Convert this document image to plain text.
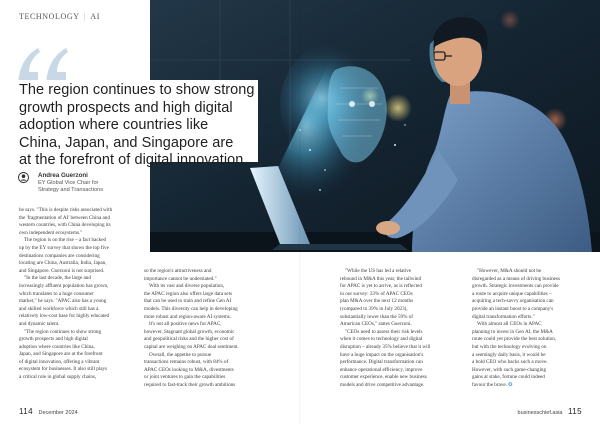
TECHNOLOGY | AI
The region continues to show strong
growth prospects and high digital
adoption where countries like
China, Japan, and Singapore are
at the forefront of digital innovation
Andrea Guerzoni
EY Global Vice Chair for
Strategy and Transactions

he says. "This is despite risks associated with

the 'fragmentation of AI' between China and

western countries, with China developing its

own independent ecosystems."

The region is on the rise – a fact backed

up by the EY survey that shows the top five

destinations companies are considering

locating are China, Australia, India, Japan,

and Singapore. Guerzoni is not surprised.

"In the last decade, the large and

increasingly affluent population has grown,

which translates to a huge consumer

market," he says. "APAC also has a young

and skilled workforce which still has a

relatively low-cost base for highly educated

and dynamic talent.

"The region continues to show strong

growth prospects and high digital

adoption where countries like China,

Japan, and Singapore are at the forefront

of digital innovation, offering a vibrant

ecosystem for businesses. It also still plays

a critical role in global supply chains,

so the region's attractiveness and

importance cannot be understated."

With its vast and diverse population,

the APAC region also offers large data sets

that can be used to train and refine Gen AI

models. This diversity can help in developing

more robust and region-aware AI systems.

It's not all positive news for APAC,

however. Stagnant global growth, economic

and geopolitical risks and the higher cost of

capital are weighing on APAC deal sentiment.

Overall, the appetite to pursue

transactions remains robust, with 84% of

APAC CEOs looking to M&A, divestments

or joint ventures to gain the capabilities

required to fast-track their growth ambitions

"While the US has led a relative

rebound in M&A this year, the tailwind

for APAC is yet to arrive, as is reflected

in our survey: 33% of APAC CEOs

plan M&A over the next 12 months

(compared to 39% in July 2023),

substantially lower than the 59% of

American CEOs," states Guerzoni.

"CEOs need to assess their risk levels

when it comes to technology and digital

disruption – already 35% believe that it will

have a huge impact on the organisation's

performance. Digital transformation can

enhance operational efficiency, improve

customer experience, enable new business

models and drive competitive advantage.

"However, M&A should not be

disregarded as a means of driving business

growth. Strategic investments can provide

a route to acquire unique capabilities –

acquiring a tech-savvy organisation can

provide an instant boost to a company's

digital transformation efforts."

With almost all CEOs in APAC

planning to invest in Gen AI, the M&A

route could yet provide the best solution,

but with the technology evolving on

a seemingly daily basis, it would be

a bold CEO who backs such a move.

However, with such game-changing

gains at stake, fortune could indeed

favour the brave. ✪

114 December 2024	businesschief.asia 115
